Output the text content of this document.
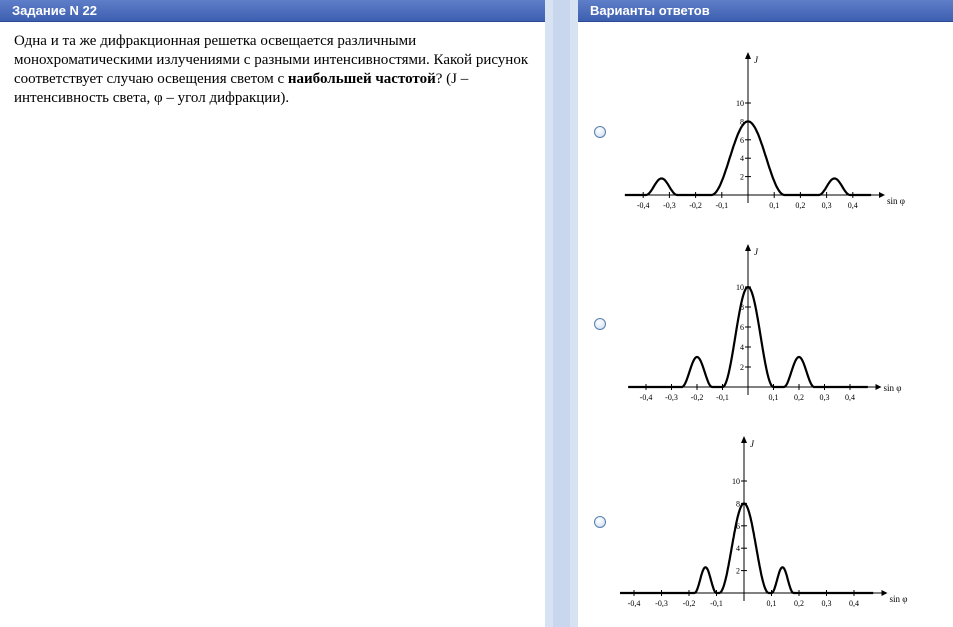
Задание N 22
Одна и та же дифракционная решетка освещается различными монохроматическими излучениями с разными интенсивностями. Какой рисунок соответствует случаю освещения светом с наибольшей частотой? (J – интенсивность света, φ – угол дифракции).
Варианты ответов
J
sin φ
-0,4 -0,3 -0,2 -0,1	0,1 0,2 0,3 0,4
2
4
6
8
10
J
sin φ
-0,4 -0,3 -0,2 -0,1	0,1 0,2 0,3 0,4
2
4
6
8
10
J
sin φ
-0,4 -0,3 -0,2 -0,1	0,1 0,2 0,3 0,4
2
4
6
8
10
